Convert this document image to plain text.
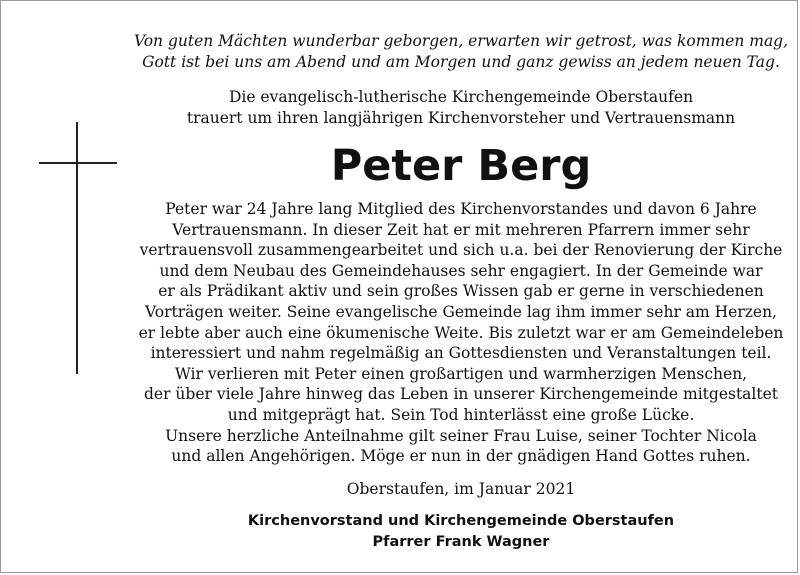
Von guten Mächten wunderbar geborgen, erwarten wir getrost, was kommen mag,
Gott ist bei uns am Abend und am Morgen und ganz gewiss an jedem neuen Tag.

Die evangelisch-lutherische Kirchengemeinde Oberstaufen
trauert um ihren langjährigen Kirchenvorsteher und Vertrauensmann

Peter Berg

Peter war 24 Jahre lang Mitglied des Kirchenvorstandes und davon 6 Jahre
Vertrauensmann. In dieser Zeit hat er mit mehreren Pfarrern immer sehr
vertrauensvoll zusammengearbeitet und sich u.a. bei der Renovierung der Kirche
und dem Neubau des Gemeindehauses sehr engagiert. In der Gemeinde war
er als Prädikant aktiv und sein großes Wissen gab er gerne in verschiedenen
Vorträgen weiter. Seine evangelische Gemeinde lag ihm immer sehr am Herzen,
er lebte aber auch eine ökumenische Weite. Bis zuletzt war er am Gemeindeleben
interessiert und nahm regelmäßig an Gottesdiensten und Veranstaltungen teil.
Wir verlieren mit Peter einen großartigen und warmherzigen Menschen,
der über viele Jahre hinweg das Leben in unserer Kirchengemeinde mitgestaltet
und mitgeprägt hat. Sein Tod hinterlässt eine große Lücke.
Unsere herzliche Anteilnahme gilt seiner Frau Luise, seiner Tochter Nicola
und allen Angehörigen. Möge er nun in der gnädigen Hand Gottes ruhen.

Oberstaufen, im Januar 2021

Kirchenvorstand und Kirchengemeinde Oberstaufen
Pfarrer Frank Wagner
